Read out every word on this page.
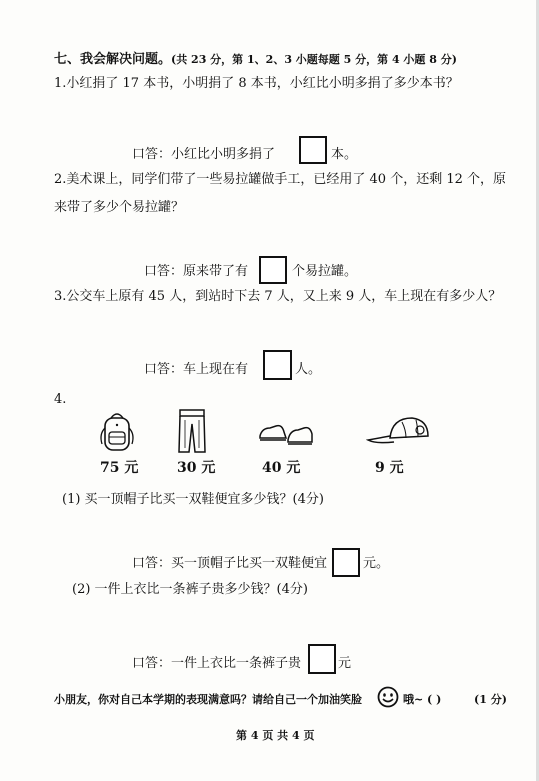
七、我会解决问题。(共 23 分，第 1、2、3 小题每题 5 分，第 4 小题 8 分)
1.小红捐了 17 本书，小明捐了 8 本书，小红比小明多捐了多少本书？
口答：小红比小明多捐了	本。
2.美术课上，同学们带了一些易拉罐做手工，已经用了 40 个，还剩 12 个，原
来带了多少个易拉罐？
口答：原来带了有	个易拉罐。
3.公交车上原有 45 人，到站时下去 7 人，又上来 9 人，车上现在有多少人？
口答：车上现在有	人。
4.
75 元	30 元	40 元	9 元
(1) 买一顶帽子比买一双鞋便宜多少钱？(4分)
口答：买一顶帽子比买一双鞋便宜	元。
(2) 一件上衣比一条裤子贵多少钱？(4分)
口答：一件上衣比一条裤子贵	元
小朋友，你对自己本学期的表现满意吗？请给自己一个加油笑脸	哦~ ( )	(1 分)
第 4 页 共 4 页
